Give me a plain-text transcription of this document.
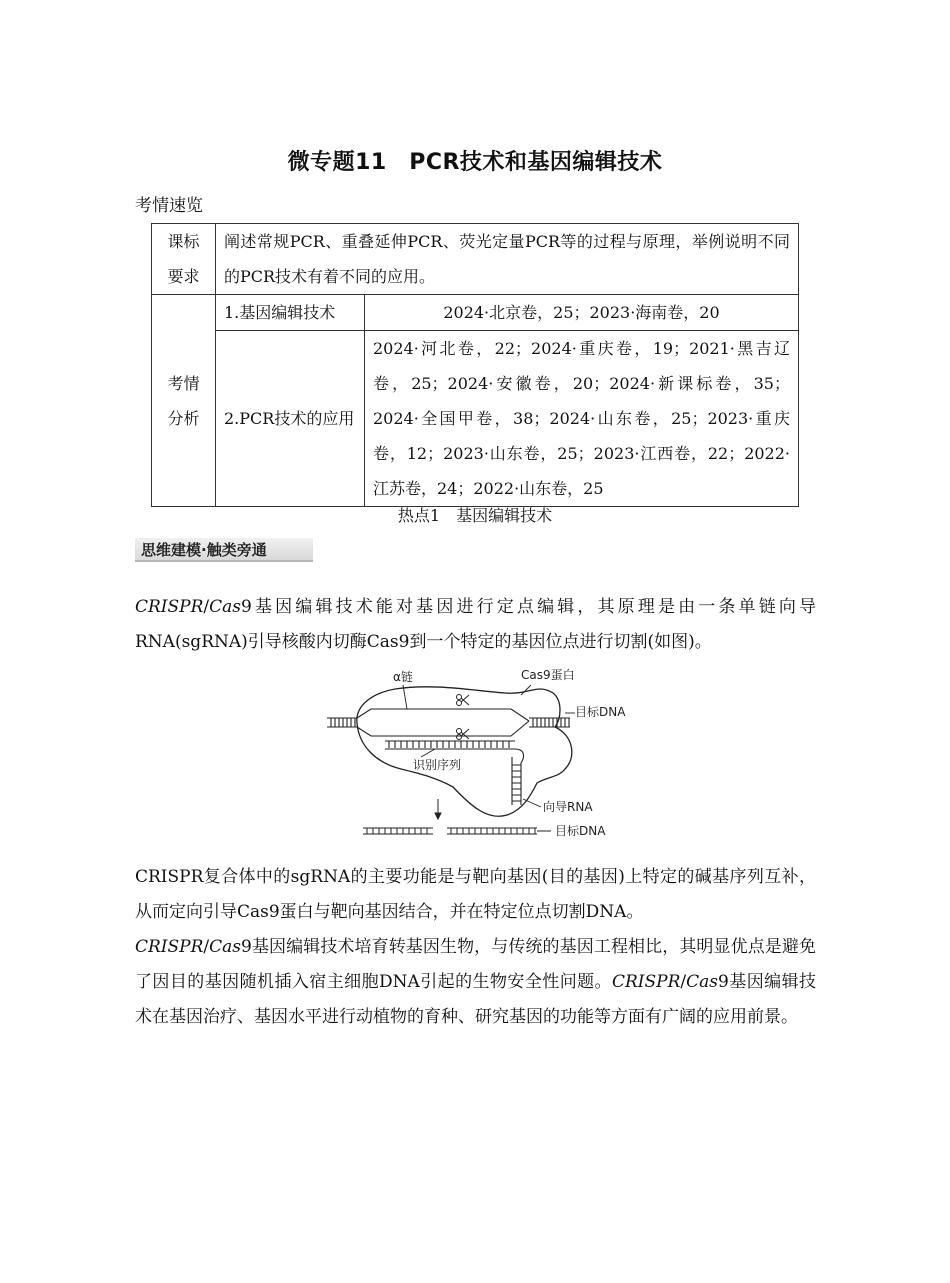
微专题11　PCR技术和基因编辑技术
考情速览
课标
要求	阐述常规PCR、重叠延伸PCR、荧光定量PCR等的过程与原理，举例说明不同的PCR技术有着不同的应用。	

考情
分析	1.基因编辑技术	2024·北京卷，25；2023·海南卷，20
	2.PCR技术的应用	2024·河北卷，22；2024·重庆卷，19；2021·黑吉辽卷，25；2024·安徽卷，20；2024·新课标卷，35；2024·全国甲卷，38；2024·山东卷，25；2023·重庆卷，12；2023·山东卷，25；2023·江西卷，22；2022·江苏卷，24；2022·山东卷，25
热点1　基因编辑技术
思维建模·触类旁通
CRISPR/Cas9基因编辑技术能对基因进行定点编辑，其原理是由一条单链向导RNA(sgRNA)引导核酸内切酶Cas9到一个特定的基因位点进行切割(如图)。
α链	Cas9蛋白
目标DNA
识别序列
向导RNA
目标DNA
CRISPR复合体中的sgRNA的主要功能是与靶向基因(目的基因)上特定的碱基序列互补，从而定向引导Cas9蛋白与靶向基因结合，并在特定位点切割DNA。
CRISPR/Cas9基因编辑技术培育转基因生物，与传统的基因工程相比，其明显优点是避免了因目的基因随机插入宿主细胞DNA引起的生物安全性问题。CRISPR/Cas9基因编辑技术在基因治疗、基因水平进行动植物的育种、研究基因的功能等方面有广阔的应用前景。
